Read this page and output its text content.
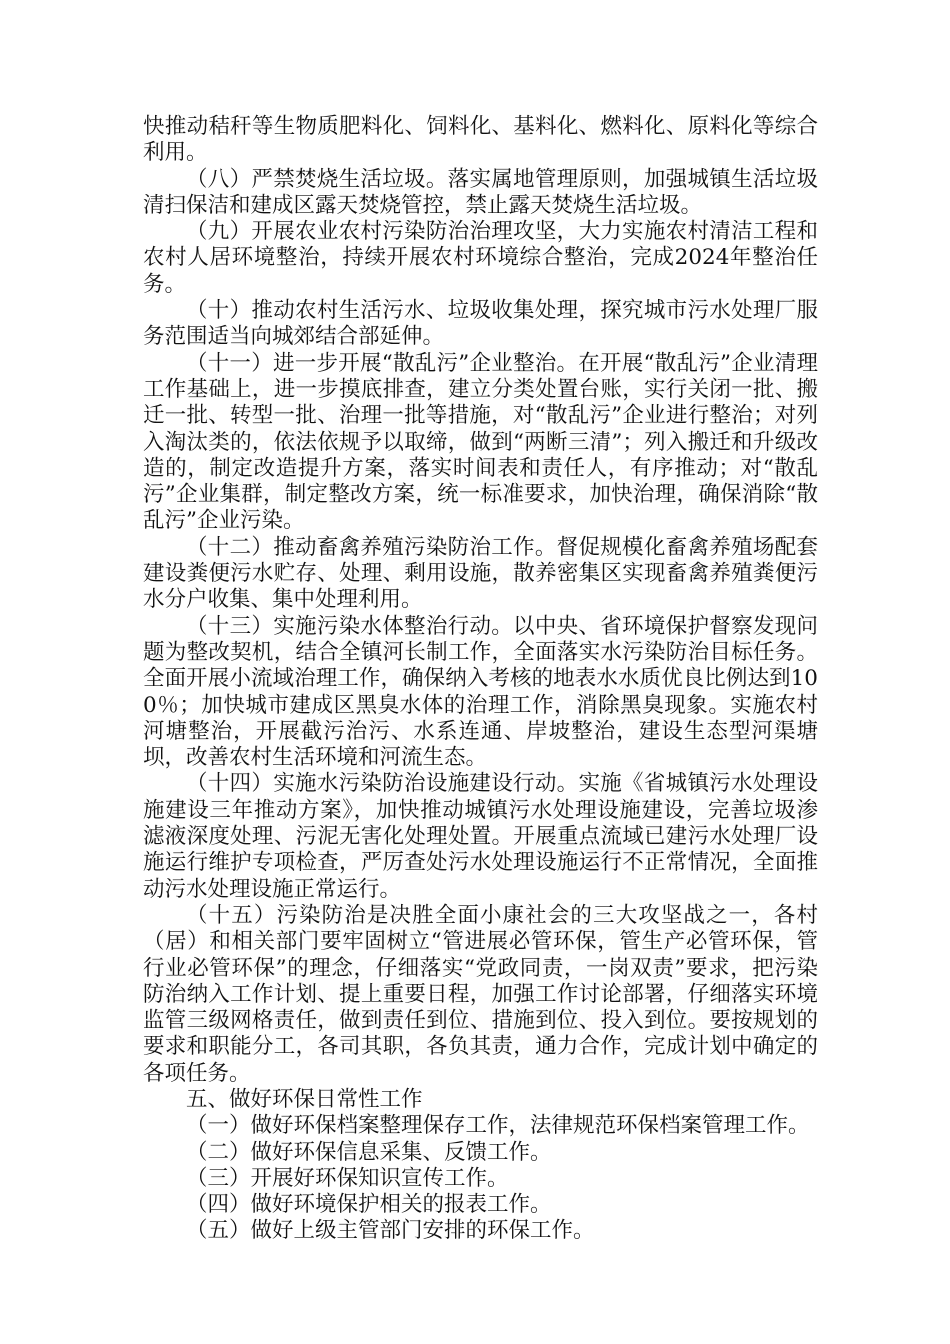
快推动秸秆等生物质肥料化、饲料化、基料化、燃料化、原料化等综合利用。

（八）严禁焚烧生活垃圾。落实属地管理原则，加强城镇生活垃圾清扫保洁和建成区露天焚烧管控，禁止露天焚烧生活垃圾。

（九）开展农业农村污染防治治理攻坚，大力实施农村清洁工程和农村人居环境整治，持续开展农村环境综合整治，完成2024年整治任务。

（十）推动农村生活污水、垃圾收集处理，探究城市污水处理厂服务范围适当向城郊结合部延伸。

（十一）进一步开展“散乱污”企业整治。在开展“散乱污”企业清理工作基础上，进一步摸底排查，建立分类处置台账，实行关闭一批、搬迁一批、转型一批、治理一批等措施，对“散乱污”企业进行整治；对列入淘汰类的，依法依规予以取缔，做到“两断三清”；列入搬迁和升级改造的，制定改造提升方案，落实时间表和责任人，有序推动；对“散乱污”企业集群，制定整改方案，统一标准要求，加快治理，确保消除“散乱污”企业污染。

（十二）推动畜禽养殖污染防治工作。督促规模化畜禽养殖场配套建设粪便污水贮存、处理、剩用设施，散养密集区实现畜禽养殖粪便污水分户收集、集中处理利用。

（十三）实施污染水体整治行动。以中央、省环境保护督察发现问题为整改契机，结合全镇河长制工作，全面落实水污染防治目标任务。全面开展小流域治理工作，确保纳入考核的地表水水质优良比例达到100％；加快城市建成区黑臭水体的治理工作，消除黑臭现象。实施农村河塘整治，开展截污治污、水系连通、岸坡整治，建设生态型河渠塘坝，改善农村生活环境和河流生态。

（十四）实施水污染防治设施建设行动。实施《省城镇污水处理设施建设三年推动方案》，加快推动城镇污水处理设施建设，完善垃圾渗滤液深度处理、污泥无害化处理处置。开展重点流域已建污水处理厂设施运行维护专项检查，严厉查处污水处理设施运行不正常情况，全面推动污水处理设施正常运行。

（十五）污染防治是决胜全面小康社会的三大攻坚战之一，各村（居）和相关部门要牢固树立“管进展必管环保，管生产必管环保，管行业必管环保”的理念，仔细落实“党政同责，一岗双责”要求，把污染防治纳入工作计划、提上重要日程，加强工作讨论部署，仔细落实环境监管三级网格责任，做到责任到位、措施到位、投入到位。要按规划的要求和职能分工，各司其职，各负其责，通力合作，完成计划中确定的各项任务。

五、做好环保日常性工作

（一）做好环保档案整理保存工作，法律规范环保档案管理工作。

（二）做好环保信息采集、反馈工作。

（三）开展好环保知识宣传工作。

（四）做好环境保护相关的报表工作。

（五）做好上级主管部门安排的环保工作。
